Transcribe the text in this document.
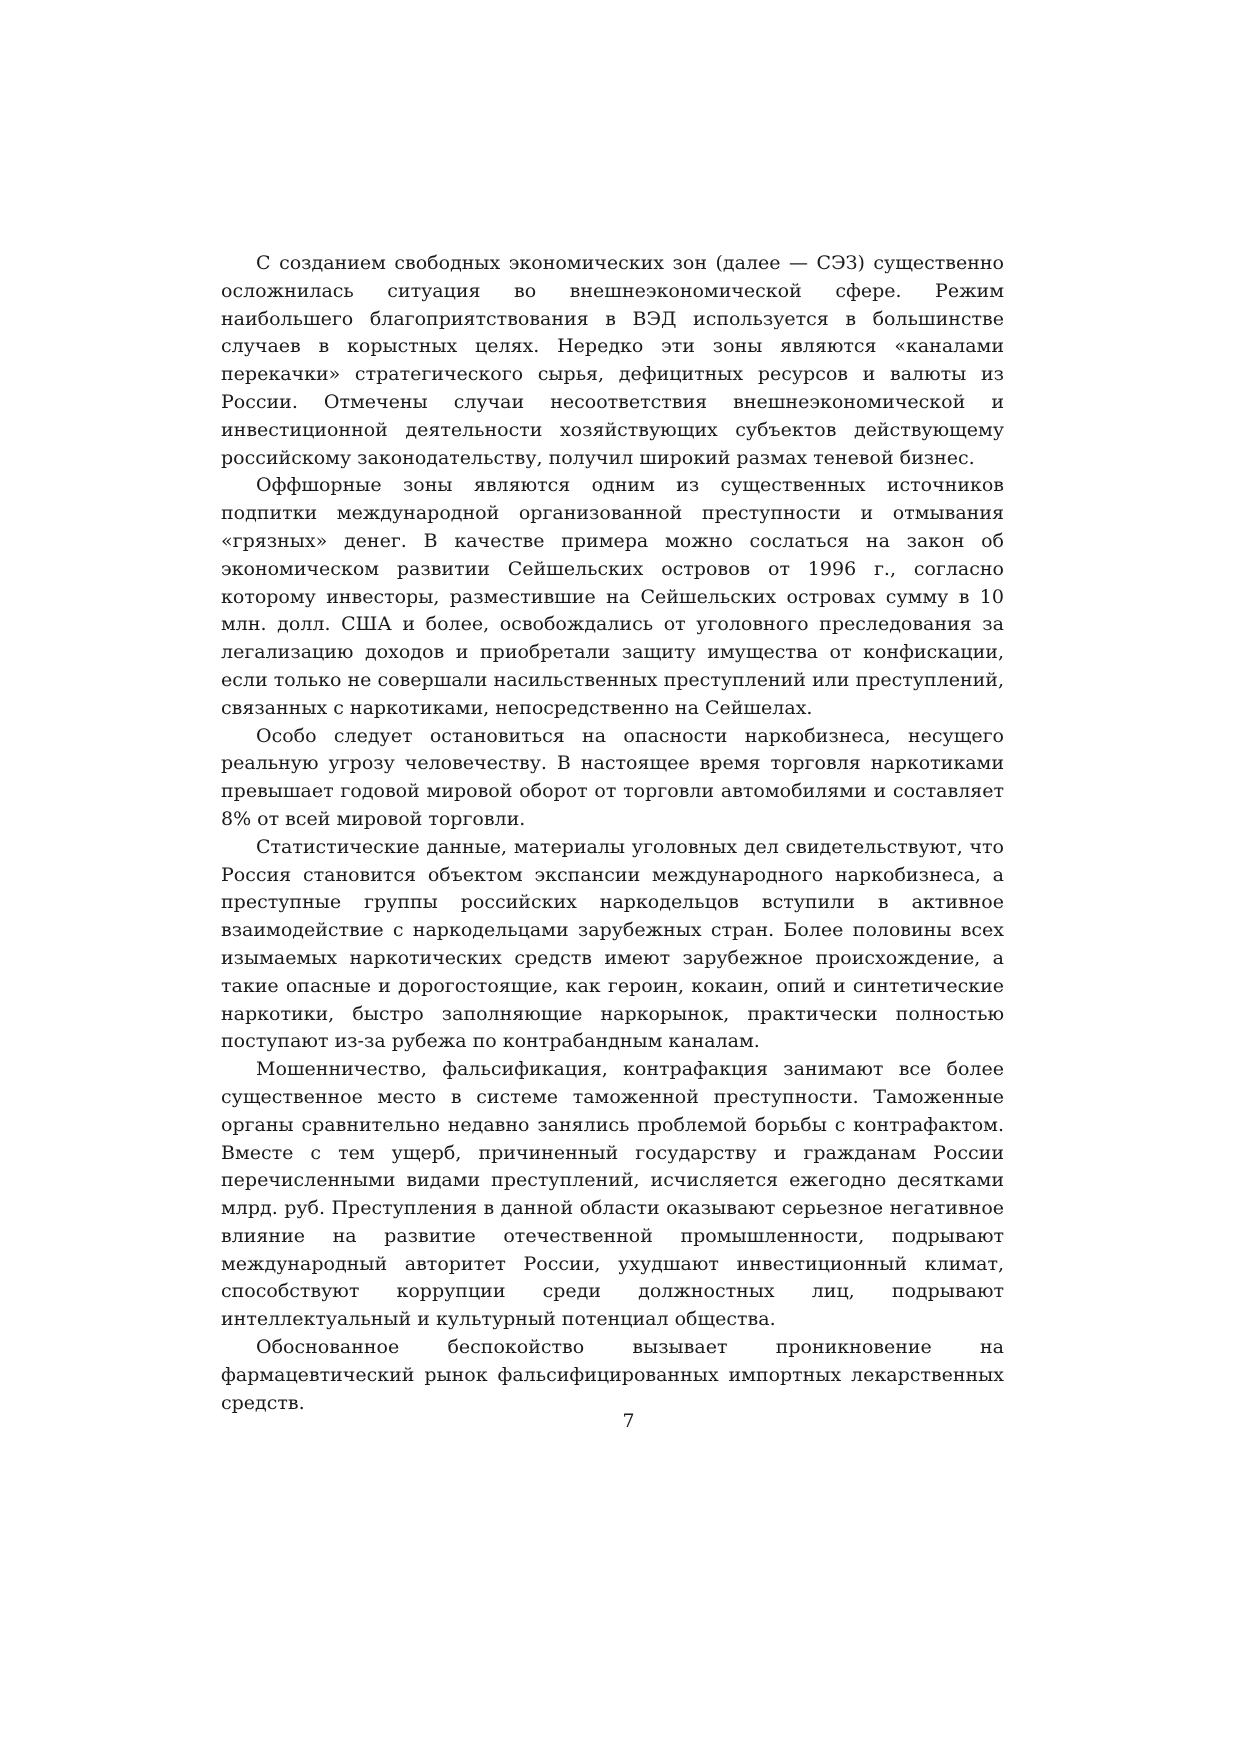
С созданием свободных экономических зон (далее — СЭЗ) существенно осложнилась ситуация во внешнеэкономической сфере. Режим наибольшего благоприятствования в ВЭД используется в большинстве случаев в корыстных целях. Нередко эти зоны являются «каналами перекачки» стратегического сырья, дефицитных ресурсов и валюты из России. Отмечены случаи несоответствия внешнеэкономической и инвестиционной деятельности хозяйствующих субъектов действующему российскому законодательству, получил широкий размах теневой бизнес.

Оффшорные зоны являются одним из существенных источников подпитки международной организованной преступности и отмывания «грязных» денег. В качестве примера можно сослаться на закон об экономическом развитии Сейшельских островов от 1996 г., согласно которому инвесторы, разместившие на Сейшельских островах сумму в 10 млн. долл. США и более, освобождались от уголовного преследования за легализацию доходов и приобретали защиту имущества от конфискации, если только не совершали насильственных преступлений или преступлений, связанных с наркотиками, непосредственно на Сейшелах.

Особо следует остановиться на опасности наркобизнеса, несущего реальную угрозу человечеству. В настоящее время торговля наркотиками превышает годовой мировой оборот от торговли автомобилями и составляет 8% от всей мировой торговли.

Статистические данные, материалы уголовных дел свидетельствуют, что Россия становится объектом экспансии международного наркобизнеса, а преступные группы российских наркодельцов вступили в активное взаимодействие с наркодельцами зарубежных стран. Более половины всех изымаемых наркотических средств имеют зарубежное происхождение, а такие опасные и дорогостоящие, как героин, кокаин, опий и синтетические наркотики, быстро заполняющие наркорынок, практически полностью поступают из-за рубежа по контрабандным каналам.

Мошенничество, фальсификация, контрафакция занимают все более существенное место в системе таможенной преступности. Таможенные органы сравнительно недавно занялись проблемой борьбы с контрафактом. Вместе с тем ущерб, причиненный государству и гражданам России перечисленными видами преступлений, исчисляется ежегодно десятками млрд. руб. Преступления в данной области оказывают серьезное негативное влияние на развитие отечественной промышленности, подрывают международный авторитет России, ухудшают инвестиционный климат, способствуют коррупции среди должностных лиц, подрывают интеллектуальный и культурный потенциал общества.

Обоснованное беспокойство вызывает проникновение на фармацевтический рынок фальсифицированных импортных лекарственных средств.

7
